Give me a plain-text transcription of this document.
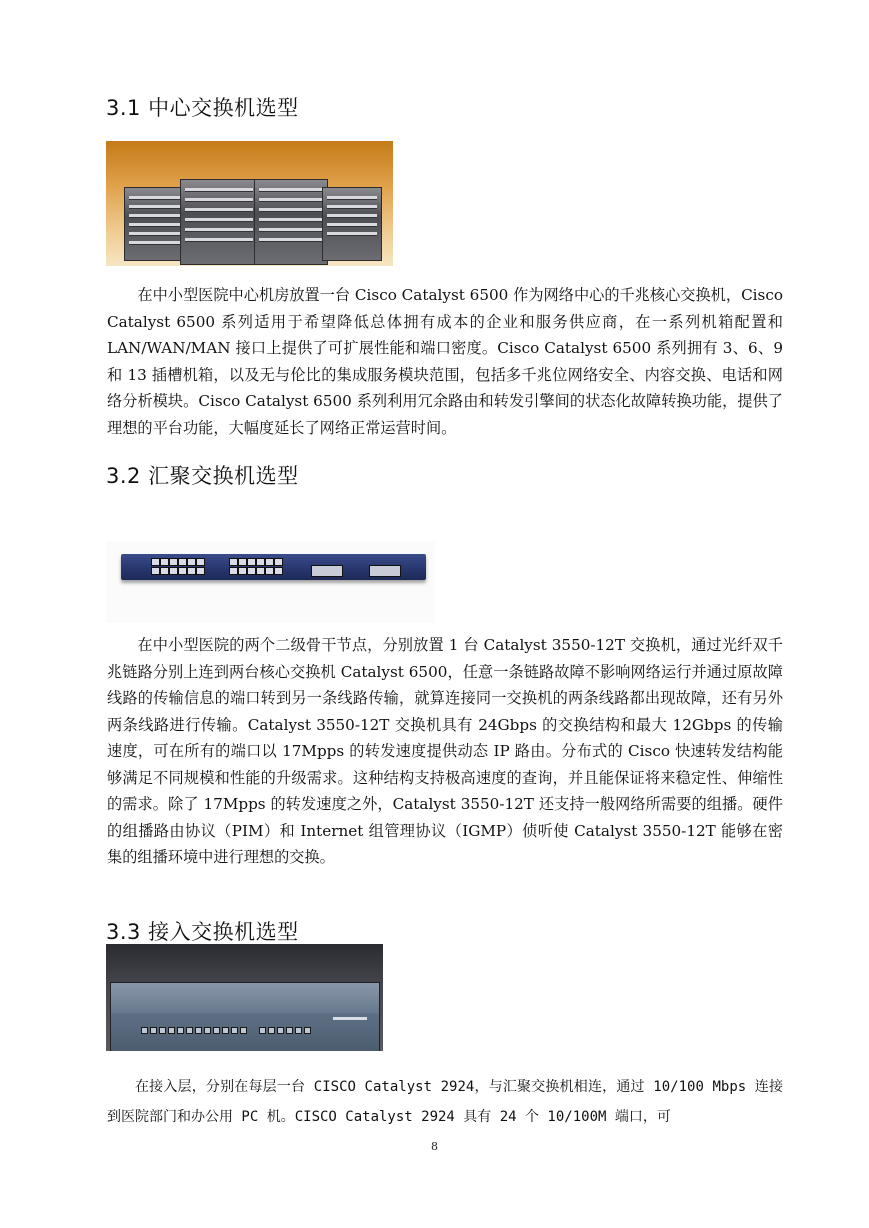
3.1 中心交换机选型

在中小型医院中心机房放置一台 Cisco Catalyst 6500 作为网络中心的千兆核心交换机，Cisco Catalyst 6500 系列适用于希望降低总体拥有成本的企业和服务供应商，在一系列机箱配置和 LAN/WAN/MAN 接口上提供了可扩展性能和端口密度。Cisco Catalyst 6500 系列拥有 3、6、9 和 13 插槽机箱，以及无与伦比的集成服务模块范围，包括多千兆位网络安全、内容交换、电话和网络分析模块。Cisco Catalyst 6500 系列利用冗余路由和转发引擎间的状态化故障转换功能，提供了理想的平台功能，大幅度延长了网络正常运营时间。

3.2 汇聚交换机选型

在中小型医院的两个二级骨干节点，分别放置 1 台 Catalyst 3550-12T 交换机，通过光纤双千兆链路分别上连到两台核心交换机 Catalyst 6500，任意一条链路故障不影响网络运行并通过原故障线路的传输信息的端口转到另一条线路传输，就算连接同一交换机的两条线路都出现故障，还有另外两条线路进行传输。Catalyst 3550-12T 交换机具有 24Gbps 的交换结构和最大 12Gbps 的传输速度，可在所有的端口以 17Mpps 的转发速度提供动态 IP 路由。分布式的 Cisco 快速转发结构能够满足不同规模和性能的升级需求。这种结构支持极高速度的查询，并且能保证将来稳定性、伸缩性的需求。除了 17Mpps 的转发速度之外，Catalyst 3550-12T 还支持一般网络所需要的组播。硬件的组播路由协议（PIM）和 Internet 组管理协议（IGMP）侦听使 Catalyst 3550-12T 能够在密集的组播环境中进行理想的交换。

3.3 接入交换机选型

在接入层，分别在每层一台 CISCO Catalyst 2924，与汇聚交换机相连，通过 10/100 Mbps 连接到医院部门和办公用 PC 机。CISCO Catalyst 2924 具有 24 个 10/100M 端口，可

8
